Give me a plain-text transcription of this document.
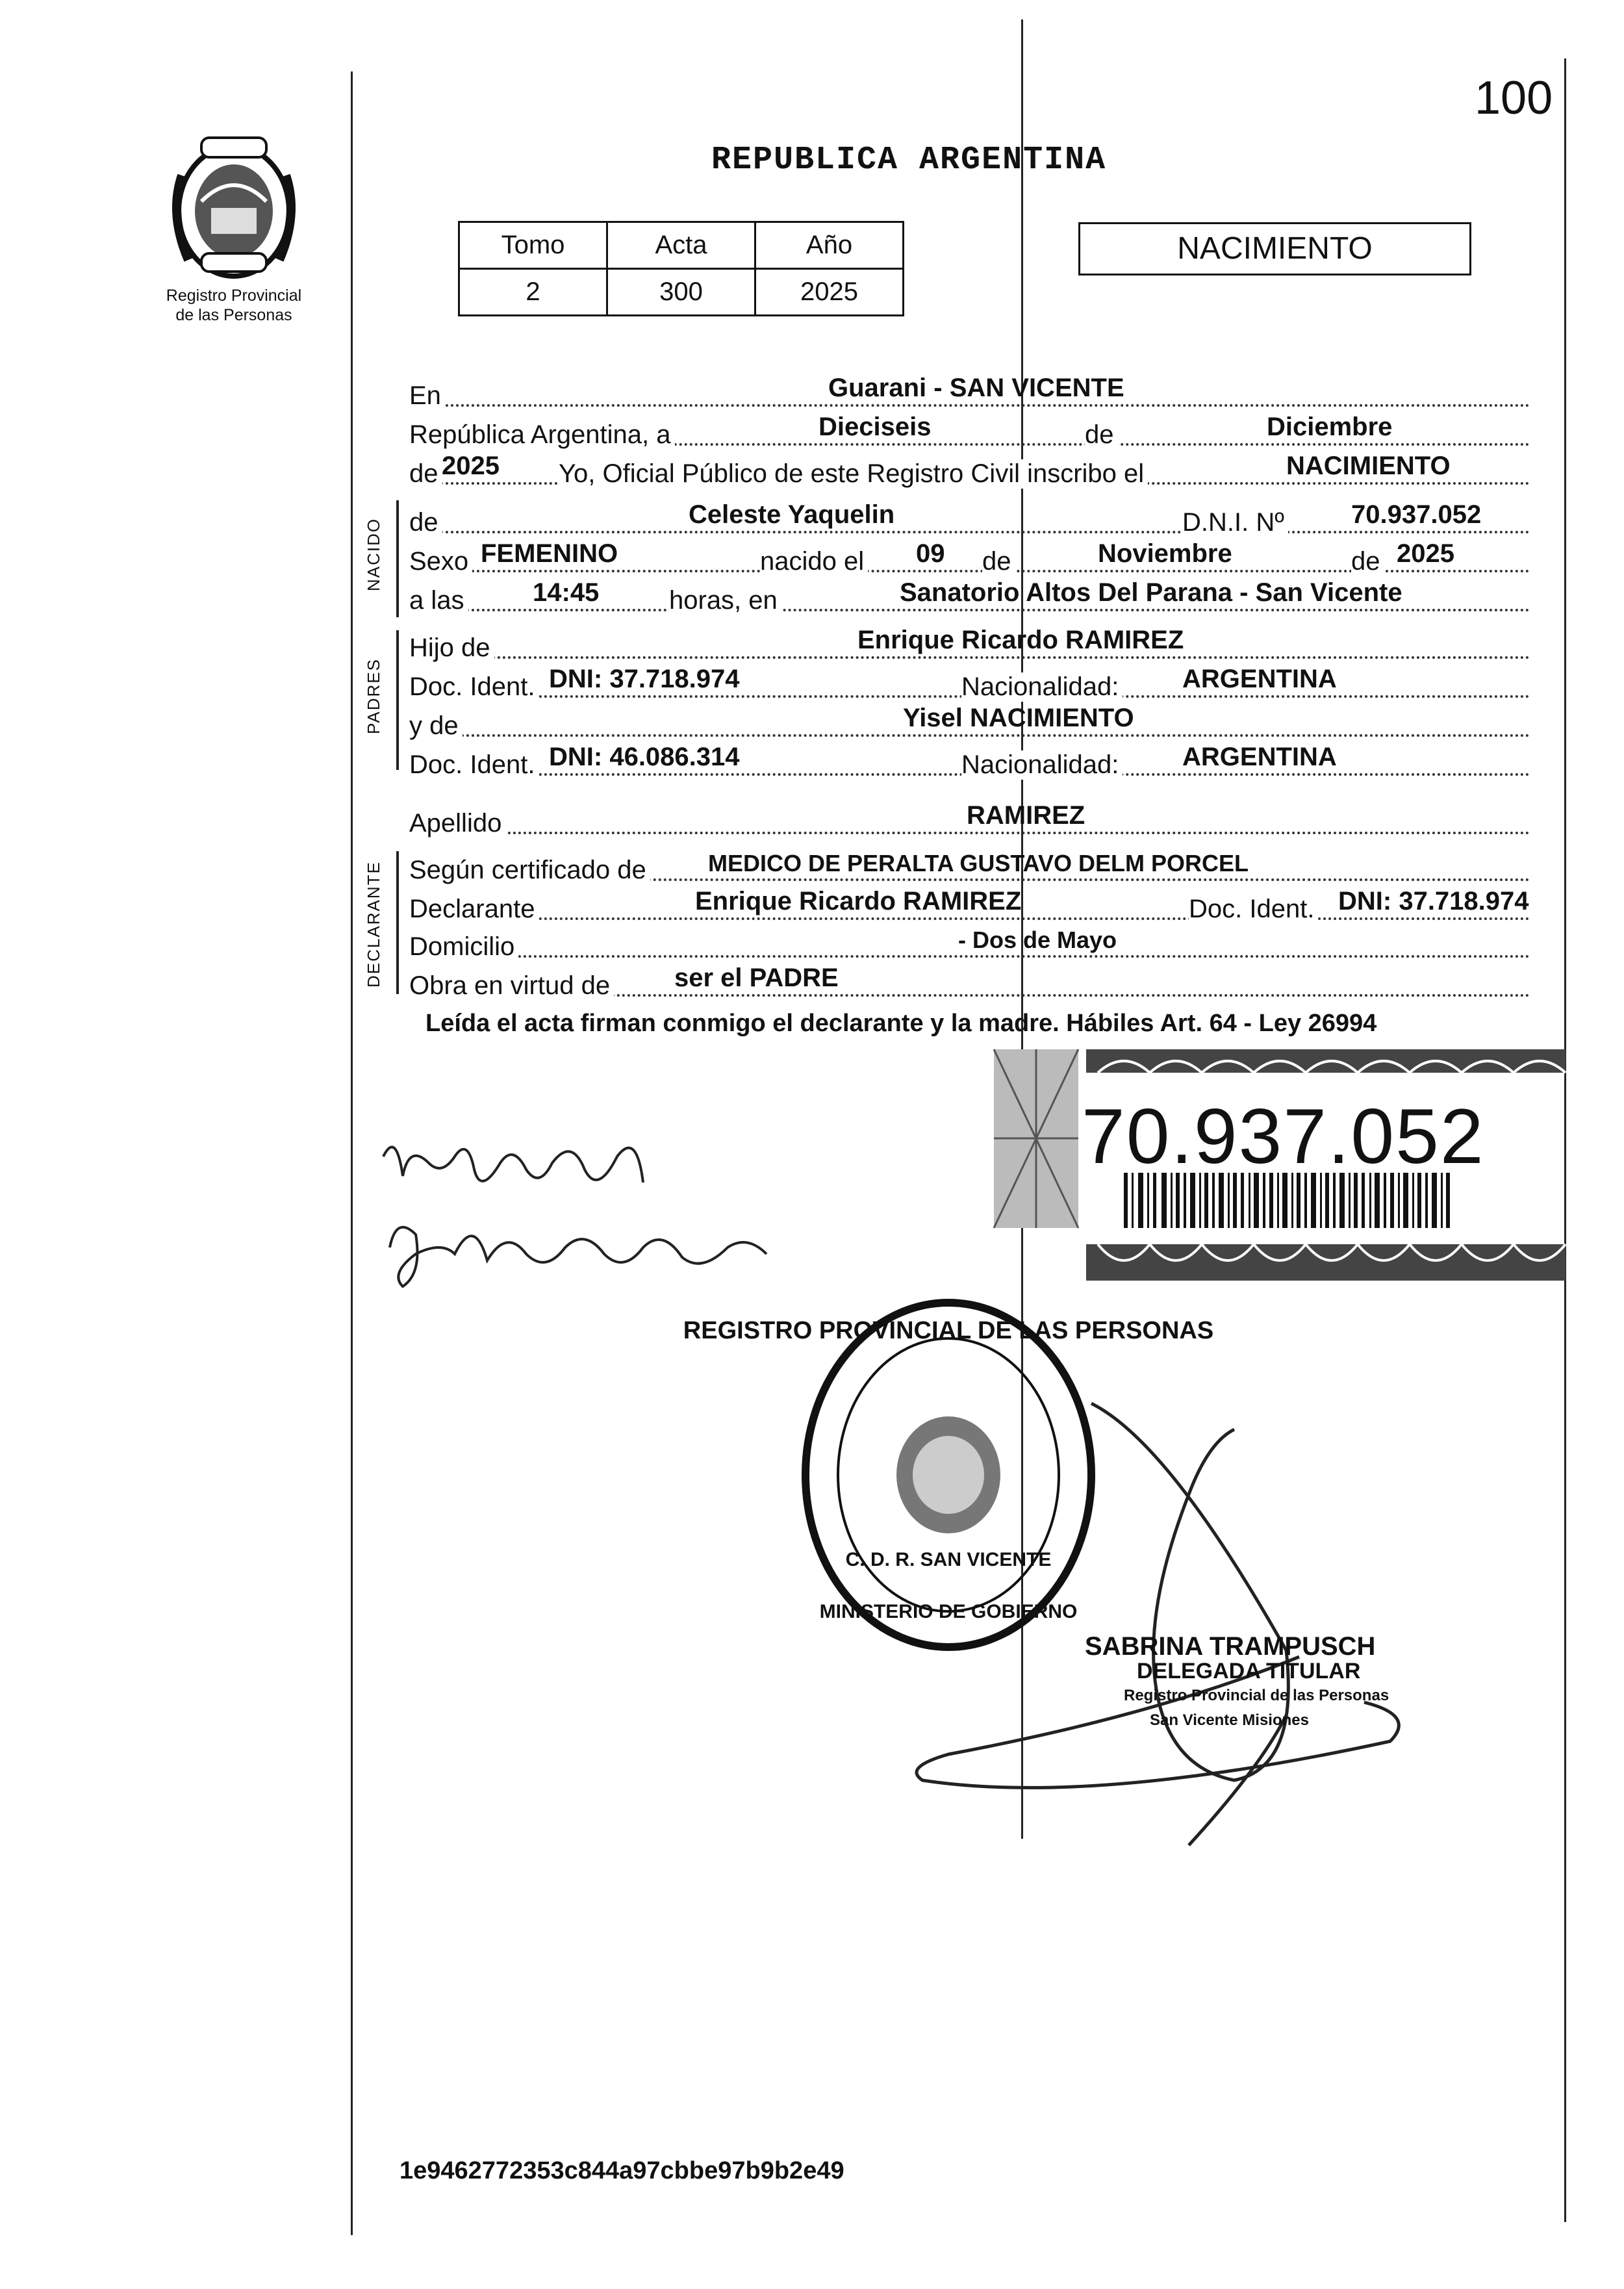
100
Registro Provincial
de las Personas
REPUBLICA ARGENTINA
Tomo	Acta	Año
2	300	2025
NACIMIENTO
En	Guarani - SAN VICENTE
República Argentina, a	Dieciseis	de	Diciembre
de 2025 Yo, Oficial Público de este Registro Civil inscribo el	NACIMIENTO
de	Celeste Yaquelin	D.N.I. Nº	70.937.052
Sexo FEMENINO	nacido el 09 de	Noviembre	de 2025
a las	14:45	horas, en	Sanatorio Altos Del Parana - San Vicente
NACIDO
Hijo de	Enrique Ricardo RAMIREZ
Doc. Ident. DNI: 37.718.974	Nacionalidad: ARGENTINA
y de	Yisel NACIMIENTO
Doc. Ident. DNI: 46.086.314	Nacionalidad: ARGENTINA
PADRES
Apellido	RAMIREZ
Según certificado de	MEDICO DE PERALTA GUSTAVO DELM PORCEL
Declarante	Enrique Ricardo RAMIREZ	Doc. Ident. DNI: 37.718.974
Domicilio	- Dos de Mayo
Obra en virtud de ser el PADRE
DECLARANTE
Leída el acta firman conmigo el declarante y la madre. Hábiles Art. 64 - Ley 26994
70.937.052
REGISTRO PROVINCIAL DE LAS PERSONAS
C. D. R. SAN VICENTE
MINISTERIO DE GOBIERNO
SABRINA TRAMPUSCH
DELEGADA TITULAR
Registro Provincial de las Personas
San Vicente Misiones
1e9462772353c844a97cbbe97b9b2e49
